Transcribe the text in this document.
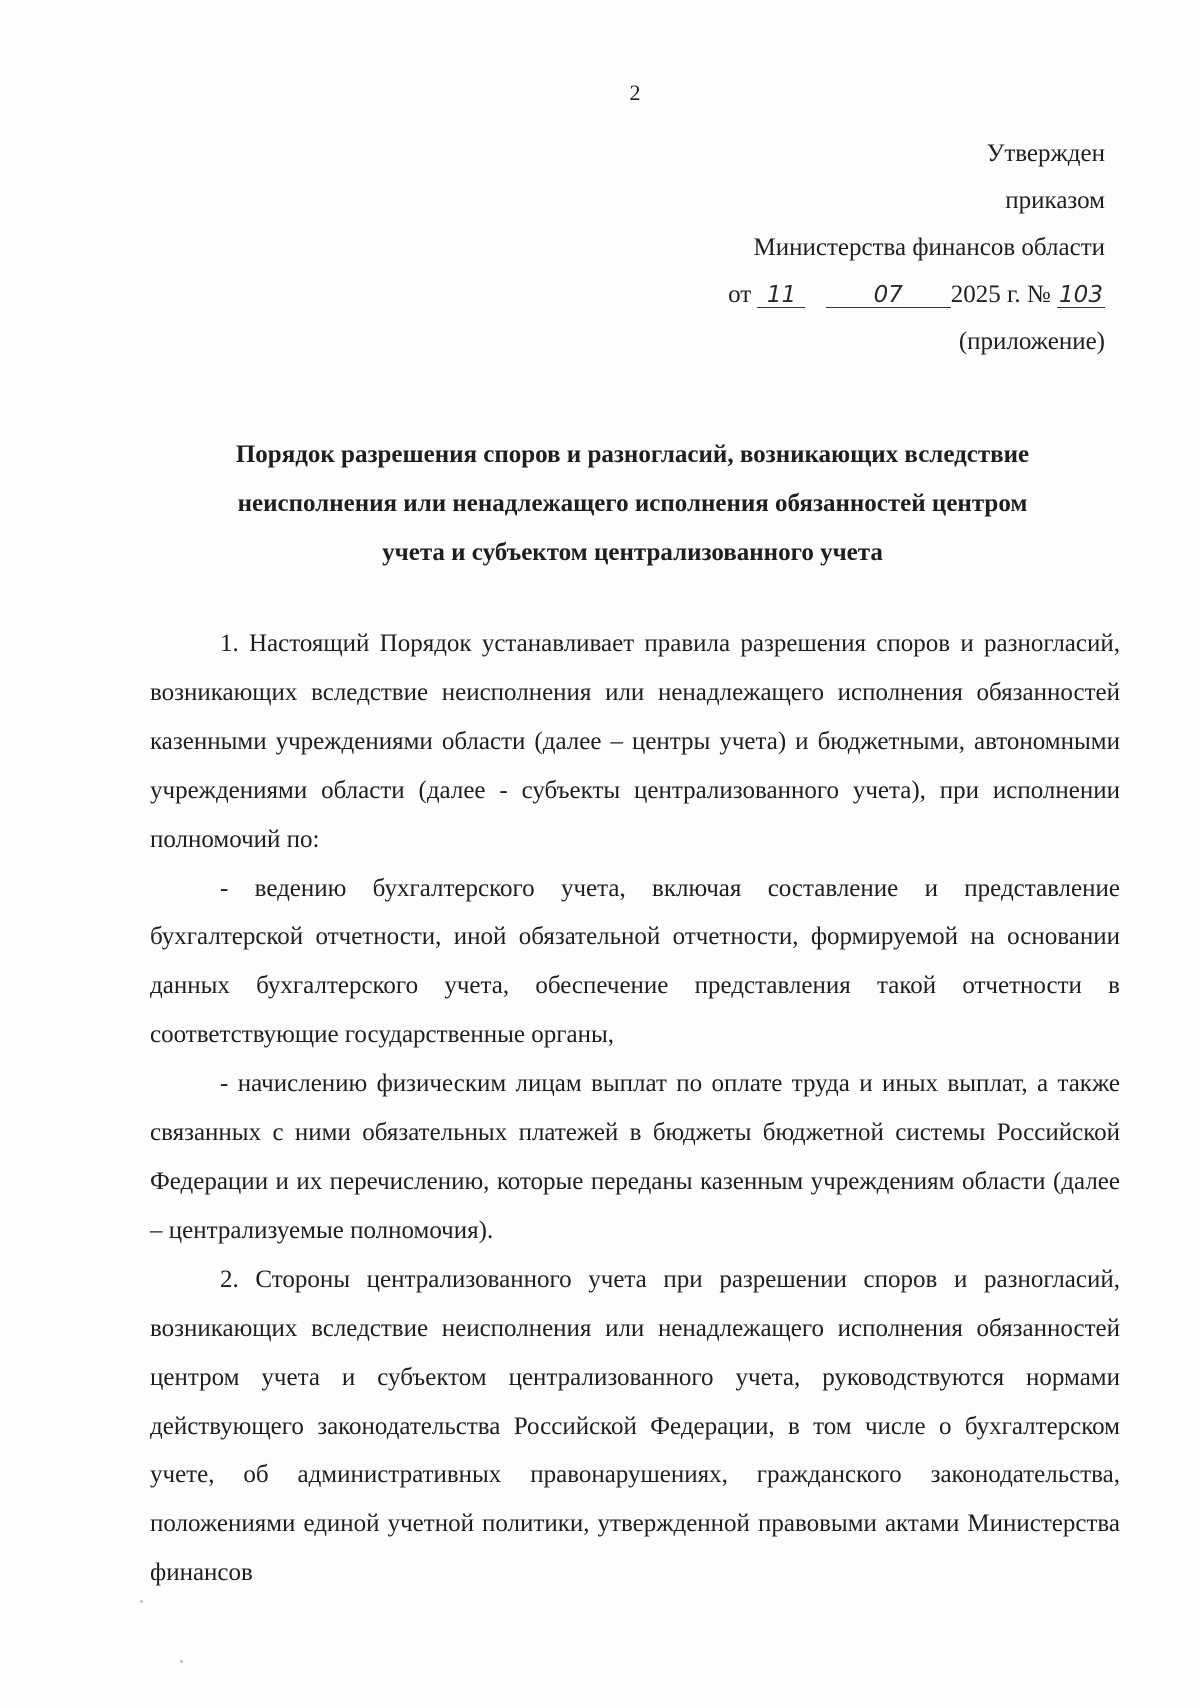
2
Утвержден
приказом
Министерства финансов области
от 11	07 2025 г. № 103
(приложение)
Порядок разрешения споров и разногласий, возникающих вследствие
неисполнения или ненадлежащего исполнения обязанностей центром
учета и субъектом централизованного учета

1. Настоящий Порядок устанавливает правила разрешения споров и разногласий, возникающих вследствие неисполнения или ненадлежащего исполнения обязанностей казенными учреждениями области (далее – центры учета) и бюджетными, автономными учреждениями области (далее - субъекты централизованного учета), при исполнении полномочий по:

- ведению бухгалтерского учета, включая составление и представление бухгалтерской отчетности, иной обязательной отчетности, формируемой на основании данных бухгалтерского учета, обеспечение представления такой отчетности в соответствующие государственные органы,

- начислению физическим лицам выплат по оплате труда и иных выплат, а также связанных с ними обязательных платежей в бюджеты бюджетной системы Российской Федерации и их перечислению, которые переданы казенным учреждениям области (далее – централизуемые полномочия).

2. Стороны централизованного учета при разрешении споров и разногласий, возникающих вследствие неисполнения или ненадлежащего исполнения обязанностей центром учета и субъектом централизованного учета, руководствуются нормами действующего законодательства Российской Федерации, в том числе о бухгалтерском учете, об административных правонарушениях, гражданского законодательства, положениями единой учетной политики, утвержденной правовыми актами Министерства финансов
